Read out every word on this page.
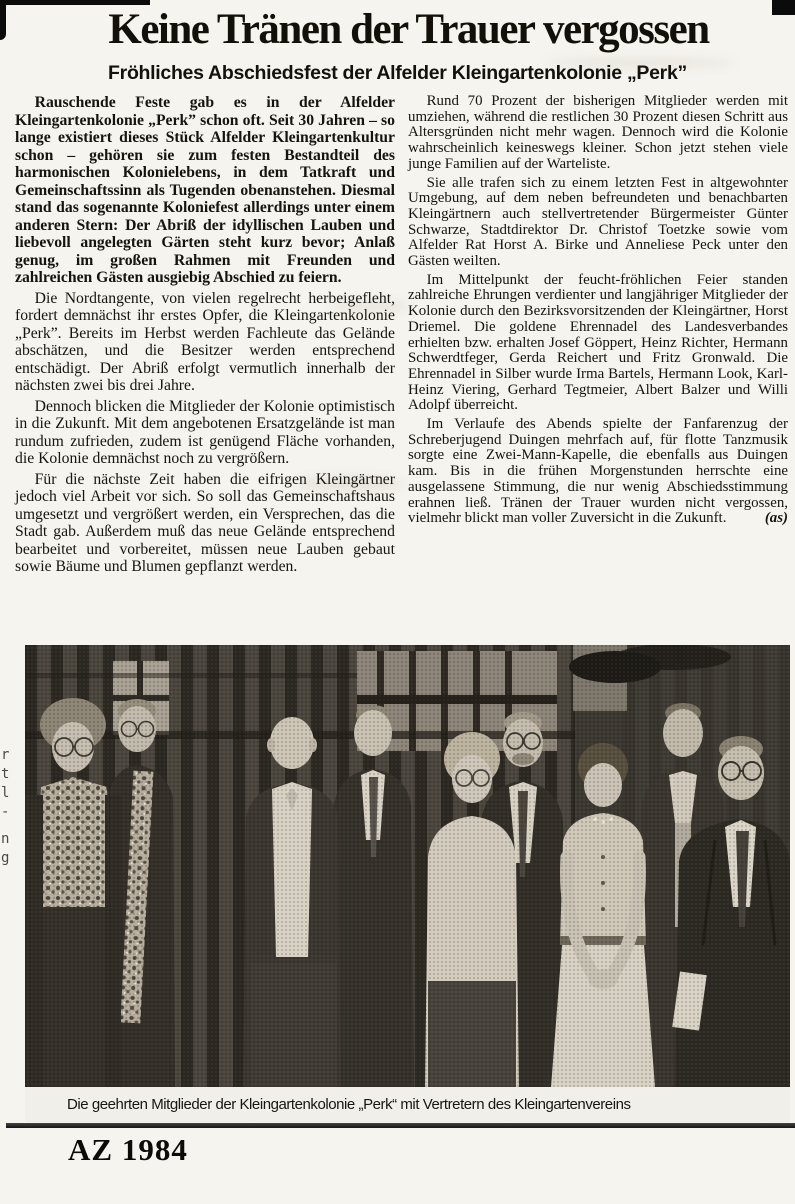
Keine Tränen der Trauer vergossen
Fröhliches Abschiedsfest der Alfelder Kleingartenkolonie „Perk”

Rauschende Feste gab es in der Alfelder Kleingartenkolonie „Perk” schon oft. Seit 30 Jahren – so lange existiert dieses Stück Alfelder Kleingartenkultur schon – gehören sie zum festen Bestandteil des harmonischen Kolonielebens, in dem Tatkraft und Gemeinschaftssinn als Tugenden obenanstehen. Diesmal stand das sogenannte Koloniefest allerdings unter einem anderen Stern: Der Abriß der idyllischen Lauben und liebevoll angelegten Gärten steht kurz bevor; Anlaß genug, im großen Rahmen mit Freunden und zahlreichen Gästen ausgiebig Abschied zu feiern.

Die Nordtangente, von vielen regelrecht herbeigefleht, fordert demnächst ihr erstes Opfer, die Kleingartenkolonie „Perk”. Bereits im Herbst werden Fachleute das Gelände abschätzen, und die Besitzer werden entsprechend entschädigt. Der Abriß erfolgt vermutlich innerhalb der nächsten zwei bis drei Jahre.

Dennoch blicken die Mitglieder der Kolonie optimistisch in die Zukunft. Mit dem angebotenen Ersatzgelände ist man rundum zufrieden, zudem ist genügend Fläche vorhanden, die Kolonie demnächst noch zu vergrößern.

Für die nächste Zeit haben die eifrigen Kleingärtner jedoch viel Arbeit vor sich. So soll das Gemeinschaftshaus umgesetzt und vergrößert werden, ein Versprechen, das die Stadt gab. Außerdem muß das neue Gelände entsprechend bearbeitet und vorbereitet, müssen neue Lauben gebaut sowie Bäume und Blumen gepflanzt werden.

Rund 70 Prozent der bisherigen Mitglieder werden mit umziehen, während die restlichen 30 Prozent diesen Schritt aus Altersgründen nicht mehr wagen. Dennoch wird die Kolonie wahrscheinlich keineswegs kleiner. Schon jetzt stehen viele junge Familien auf der Warteliste.

Sie alle trafen sich zu einem letzten Fest in altgewohnter Umgebung, auf dem neben befreundeten und benachbarten Kleingärtnern auch stellvertretender Bürgermeister Günter Schwarze, Stadtdirektor Dr. Christof Toetzke sowie vom Alfelder Rat Horst A. Birke und Anneliese Peck unter den Gästen weilten.

Im Mittelpunkt der feucht-fröhlichen Feier standen zahlreiche Ehrungen verdienter und langjähriger Mitglieder der Kolonie durch den Bezirksvorsitzenden der Kleingärtner, Horst Driemel. Die goldene Ehrennadel des Landesverbandes erhielten bzw. erhalten Josef Göppert, Heinz Richter, Hermann Schwerdtfeger, Gerda Reichert und Fritz Gronwald. Die Ehrennadel in Silber wurde Irma Bartels, Hermann Look, Karl-Heinz Viering, Gerhard Tegtmeier, Albert Balzer und Willi Adolpf überreicht.

Im Verlaufe des Abends spielte der Fanfarenzug der Schreberjugend Duingen mehrfach auf, für flotte Tanzmusik sorgte eine Zwei-Mann-Kapelle, die ebenfalls aus Duingen kam. Bis in die frühen Morgenstunden herrschte eine ausgelassene Stimmung, die nur wenig Abschiedsstimmung erahnen ließ. Tränen der Trauer wurden nicht vergossen, vielmehr blickt man voller Zuversicht in die Zukunft.	(as)

r
t
l
-
n
g
Die geehrten Mitglieder der Kleingartenkolonie „Perk“ mit Vertretern des Kleingartenvereins
AZ 1984
